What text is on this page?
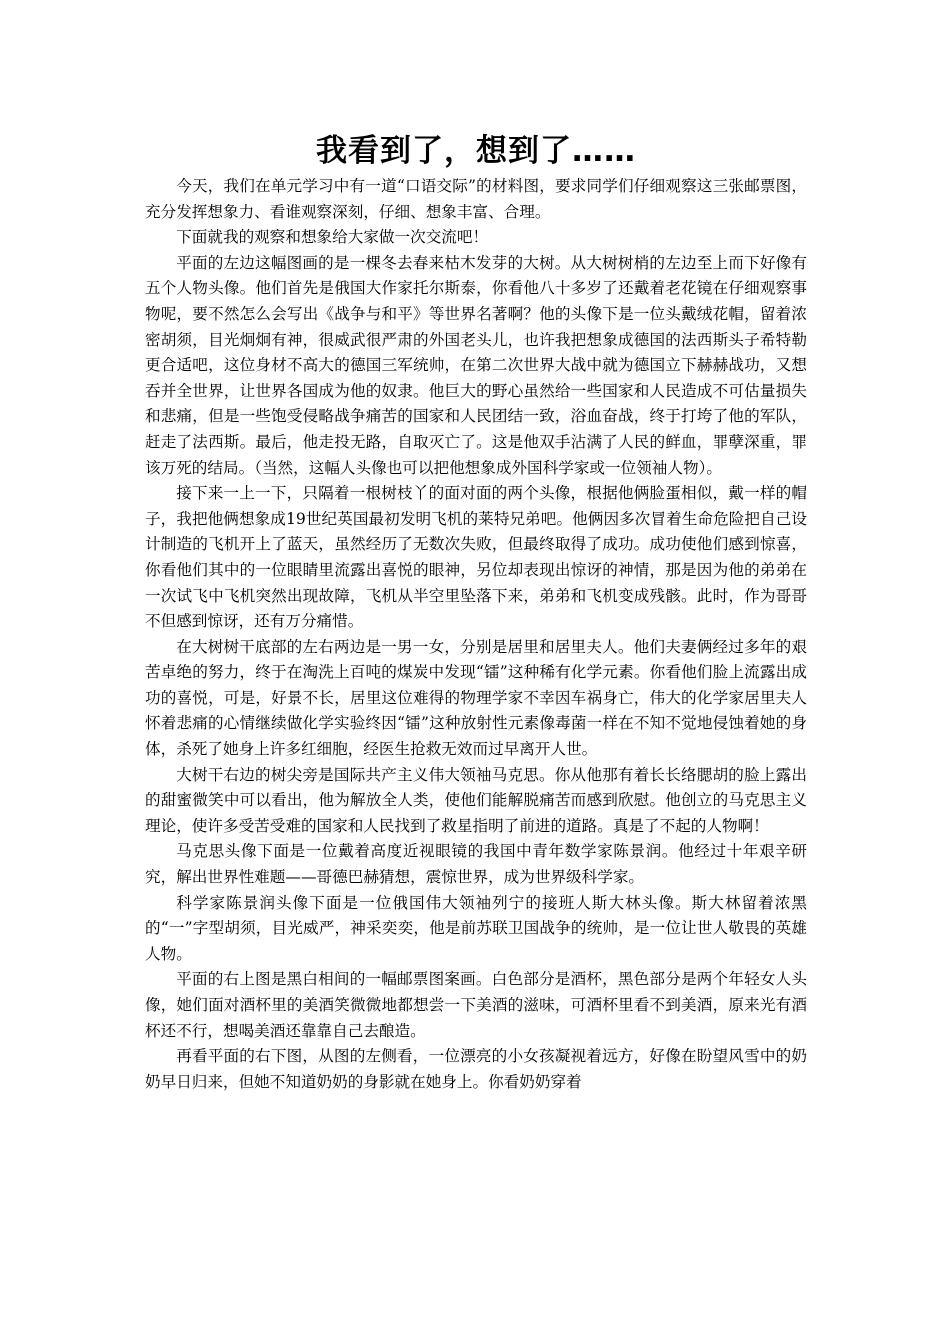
我看到了，想到了……

今天，我们在单元学习中有一道“口语交际”的材料图，要求同学们仔细观察这三张邮票图，充分发挥想象力、看谁观察深刻，仔细、想象丰富、合理。

下面就我的观察和想象给大家做一次交流吧！

平面的左边这幅图画的是一棵冬去春来枯木发芽的大树。从大树树梢的左边至上而下好像有五个人物头像。他们首先是俄国大作家托尔斯泰，你看他八十多岁了还戴着老花镜在仔细观察事物呢，要不然怎么会写出《战争与和平》等世界名著啊？他的头像下是一位头戴绒花帽，留着浓密胡须，目光炯炯有神，很威武很严肃的外国老头儿，也许我把想象成德国的法西斯头子希特勒更合适吧，这位身材不高大的德国三军统帅，在第二次世界大战中就为德国立下赫赫战功，又想吞并全世界，让世界各国成为他的奴隶。他巨大的野心虽然给一些国家和人民造成不可估量损失和悲痛，但是一些饱受侵略战争痛苦的国家和人民团结一致，浴血奋战，终于打垮了他的军队，赶走了法西斯。最后，他走投无路，自取灭亡了。这是他双手沾满了人民的鲜血，罪孽深重，罪该万死的结局。（当然，这幅人头像也可以把他想象成外国科学家或一位领袖人物）。

接下来一上一下，只隔着一根树枝丫的面对面的两个头像，根据他俩脸蛋相似，戴一样的帽子，我把他俩想象成19世纪英国最初发明飞机的莱特兄弟吧。他俩因多次冒着生命危险把自己设计制造的飞机开上了蓝天，虽然经历了无数次失败，但最终取得了成功。成功使他们感到惊喜，你看他们其中的一位眼睛里流露出喜悦的眼神，另位却表现出惊讶的神情，那是因为他的弟弟在一次试飞中飞机突然出现故障，飞机从半空里坠落下来，弟弟和飞机变成残骸。此时，作为哥哥不但感到惊讶，还有万分痛惜。

在大树树干底部的左右两边是一男一女，分别是居里和居里夫人。他们夫妻俩经过多年的艰苦卓绝的努力，终于在淘洗上百吨的煤炭中发现“镭”这种稀有化学元素。你看他们脸上流露出成功的喜悦，可是，好景不长，居里这位难得的物理学家不幸因车祸身亡，伟大的化学家居里夫人怀着悲痛的心情继续做化学实验终因“镭”这种放射性元素像毒菌一样在不知不觉地侵蚀着她的身体，杀死了她身上许多红细胞，经医生抢救无效而过早离开人世。

大树干右边的树尖旁是国际共产主义伟大领袖马克思。你从他那有着长长络腮胡的脸上露出的甜蜜微笑中可以看出，他为解放全人类，使他们能解脱痛苦而感到欣慰。他创立的马克思主义理论，使许多受苦受难的国家和人民找到了救星指明了前进的道路。真是了不起的人物啊！

马克思头像下面是一位戴着高度近视眼镜的我国中青年数学家陈景润。他经过十年艰辛研究，解出世界性难题——哥德巴赫猜想，震惊世界，成为世界级科学家。

科学家陈景润头像下面是一位俄国伟大领袖列宁的接班人斯大林头像。斯大林留着浓黑的“一”字型胡须，目光威严，神采奕奕，他是前苏联卫国战争的统帅，是一位让世人敬畏的英雄人物。

平面的右上图是黑白相间的一幅邮票图案画。白色部分是酒杯，黑色部分是两个年轻女人头像，她们面对酒杯里的美酒笑微微地都想尝一下美酒的滋味，可酒杯里看不到美酒，原来光有酒杯还不行，想喝美酒还靠靠自己去酿造。

再看平面的右下图，从图的左侧看，一位漂亮的小女孩凝视着远方，好像在盼望风雪中的奶奶早日归来，但她不知道奶奶的身影就在她身上。你看奶奶穿着
